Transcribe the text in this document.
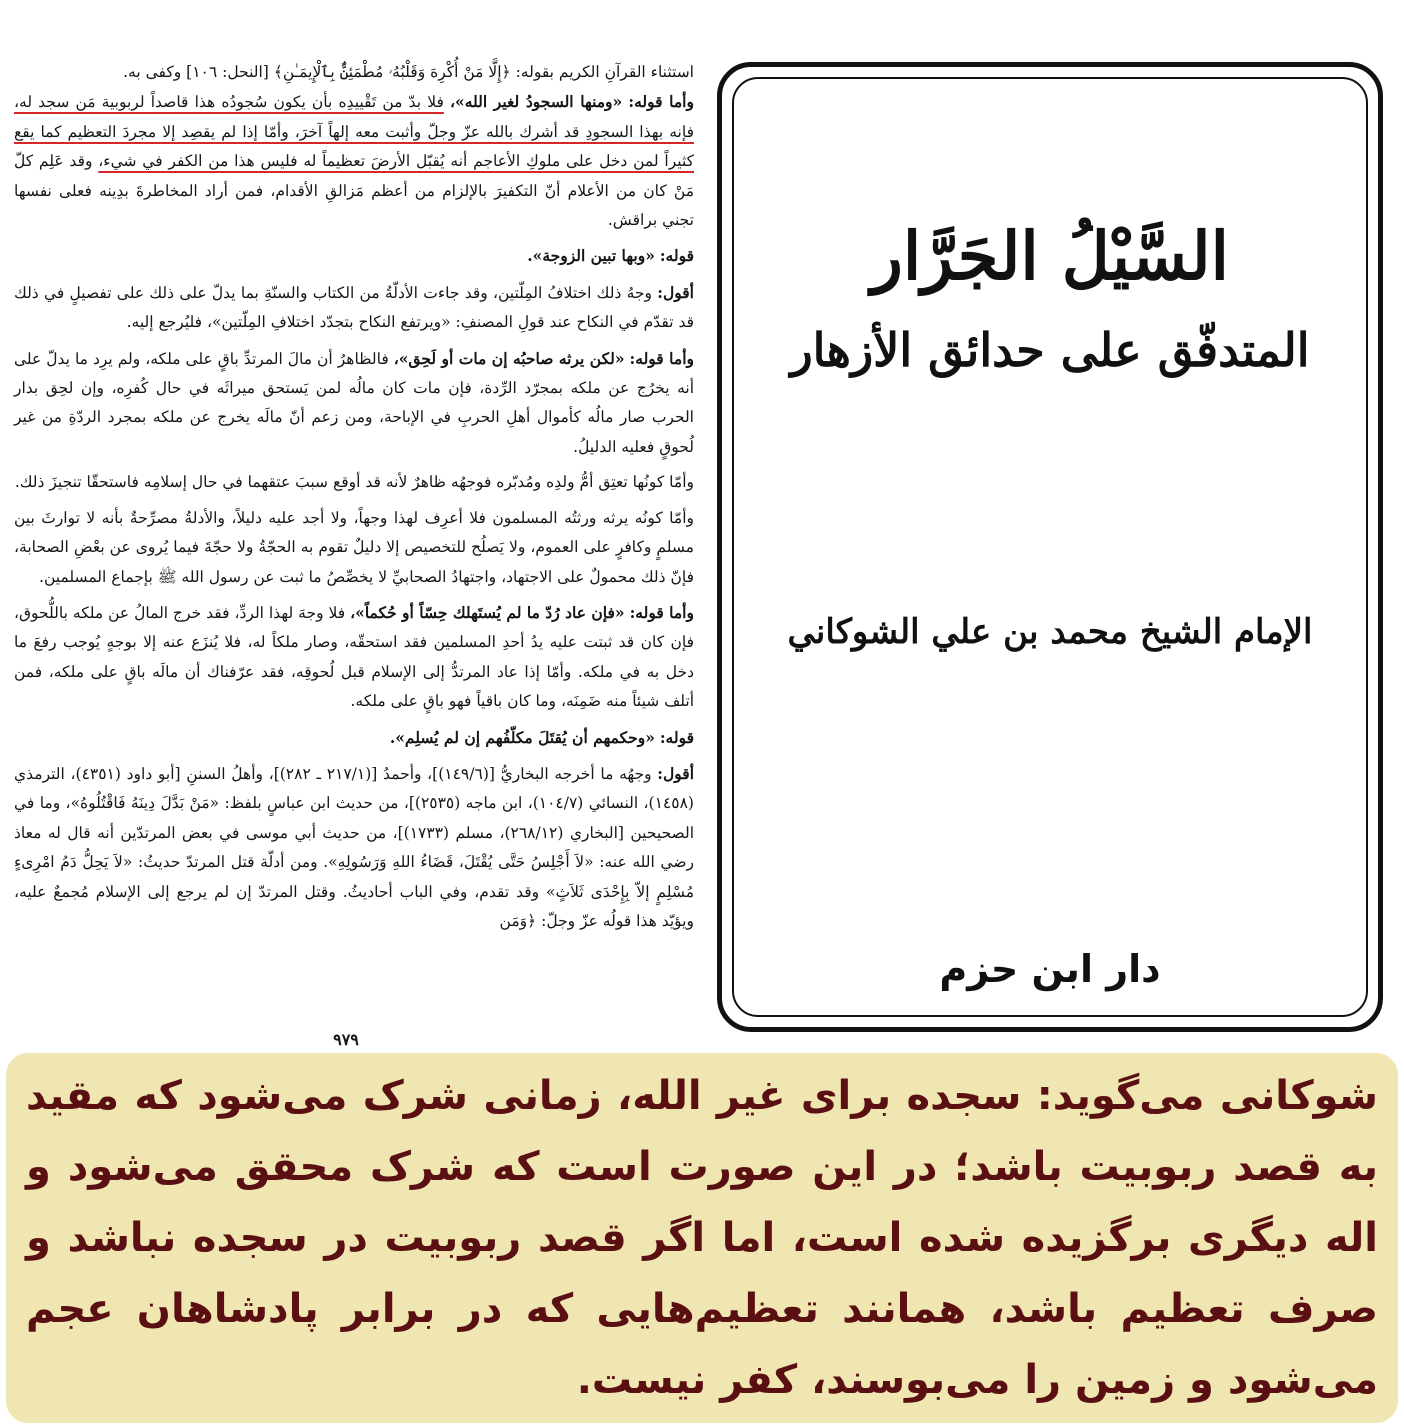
استثناء القرآنِ الكريم بقوله: ﴿إِلَّا مَنْ أُكْرِهَ وَقَلْبُهُۥ مُطْمَئِنٌّۢ بِٱلْإِيمَـٰنِ﴾ [النحل: ١٠٦] وكفى به.

وأما قوله: «ومنها السجودُ لغير الله»، فلا بدّ من تَقْييدِه بأن يكون سُجودُه هذا قاصداً لربوبية مَن سجد له، فإنه بهذا السجودِ قد أشرك بالله عزّ وجلّ وأثبت معه إلهاً آخرَ، وأمّا إذا لم يقصِد إلا مجردَ التعظيم كما يقع كثيراً لمن دخل على ملوكِ الأعاجم أنه يُقبّل الأرضَ تعظيماً له فليس هذا من الكفر في شيء، وقد عَلِم كلّ مَنْ كان من الأعلام أنّ التكفيرَ بالإلزام من أعظم مَزالقِ الأقدام، فمن أراد المخاطرةَ بدِينه فعلى نفسها تجني براقش.

قوله: «وبها تبين الزوجة».

أقول: وجهُ ذلك اختلافُ المِلّتين، وقد جاءت الأدلّةُ من الكتاب والسنّةِ بما يدلّ على ذلك على تفصيلٍ في ذلك قد تقدّم في النكاح عند قولِ المصنفِ: «ويرتفع النكاح بتجدّد اختلافِ المِلّتين»، فليُرجع إليه.

وأما قوله: «لكن يرثه صاحبُه إن مات أو لَحِق»، فالظاهرُ أن مالَ المرتدِّ باقٍ على ملكه، ولم يرِد ما يدلّ على أنه يخرُج عن ملكه بمجرّد الرِّدة، فإن مات كان مالُه لمن يَستحق ميراثَه في حال كُفرِه، وإن لحِق بدار الحرب صار مالُه كأموال أهلِ الحربِ في الإباحة، ومن زعم أنّ مالَه يخرج عن ملكه بمجرد الردّةِ من غير لُحوقٍ فعليه الدليلُ.

وأمّا كونُها تعتِق أمُّ ولدِه ومُدبّره فوجهُه ظاهرٌ لأنه قد أوقع سببَ عتقهما في حال إسلامِه فاستحقّا تنجيزَ ذلك.

وأمّا كونُه يرثه ورثتُه المسلمون فلا أعرِف لهذا وجهاً، ولا أجد عليه دليلاً، والأدلةُ مصرِّحةٌ بأنه لا توارثَ بين مسلمٍ وكافرٍ على العموم، ولا يَصلُح للتخصيص إلا دليلٌ تقوم به الحجّةُ ولا حجّةَ فيما يُروى عن بعْضِ الصحابة، فإنّ ذلك محمولٌ على الاجتهاد، واجتهادُ الصحابيِّ لا يخصِّصُ ما ثبت عن رسول الله ﷺ بإجماع المسلمين.

وأما قوله: «فإن عاد رُدّ ما لم يُستَهلك حِسّاً أو حُكماً»، فلا وجهَ لهذا الردِّ، فقد خرج المالُ عن ملكه باللُّحوق، فإن كان قد ثبتت عليه يدُ أحدِ المسلمين فقد استحقّه، وصار ملكاً له، فلا يُنزَع عنه إلا بوجهٍ يُوجب رفعَ ما دخل به في ملكه. وأمّا إذا عاد المرتدُّ إلى الإسلام قبل لُحوقِه، فقد عرّفناك أن مالَه باقٍ على ملكه، فمن أتلف شيئاً منه ضَمِنَه، وما كان باقياً فهو باقٍ على ملكه.

قوله: «وحكمهم أن يُقتَلَ مكلّفُهم إن لم يُسلِم».

أقول: وجهُه ما أخرجه البخاريُّ [(١٤٩/٦)]، وأحمدُ [(٢١٧/١ ـ ٢٨٢)]، وأهلُ السننِ [أبو داود (٤٣٥١)، الترمذي (١٤٥٨)، النسائي (١٠٤/٧)، ابن ماجه (٢٥٣٥)]، من حديث ابن عباسٍ بلفظ: «مَنْ بَدَّلَ دِينَهُ فَاقْتُلُوهُ»، وما في الصحيحين [البخاري (٢٦٨/١٢)، مسلم (١٧٣٣)]، من حديث أبي موسى في بعض المرتدّين أنه قال له معاذ رضي الله عنه: «لاَ أَجْلِسُ حَتَّى يُقْتَلَ، قَضَاءُ اللهِ وَرَسُولِهِ». ومن أدلّة قتل المرتدّ حديثُ: «لاَ يَحِلُّ دَمُ امْرِىءٍ مُسْلِمٍ إلاّ بِإِحْدَى ثَلاَثٍ» وقد تقدم، وفي الباب أحاديثُ. وقتل المرتدّ إن لم يرجع إلى الإسلام مُجمعٌ عليه، ويؤيّد هذا قولُه عزّ وجلّ: ﴿وَمَن

٩٧٩
السَّيْلُ الجَرَّار
المتدفّق على حدائق الأزهار
الإمام الشيخ محمد بن علي الشوكاني
دار ابن حزم

شوکانی می‌گوید: سجده برای غیر الله، زمانی شرک می‌شود که مقید به قصد ربوبیت باشد؛ در این صورت است که شرک محقق می‌شود و اله دیگری برگزیده شده است، اما اگر قصد ربوبیت در سجده نباشد و صرف تعظیم باشد، همانند تعظیم‌هایی که در برابر پادشاهان عجم می‌شود و زمین را می‌بوسند، کفر نیست.
